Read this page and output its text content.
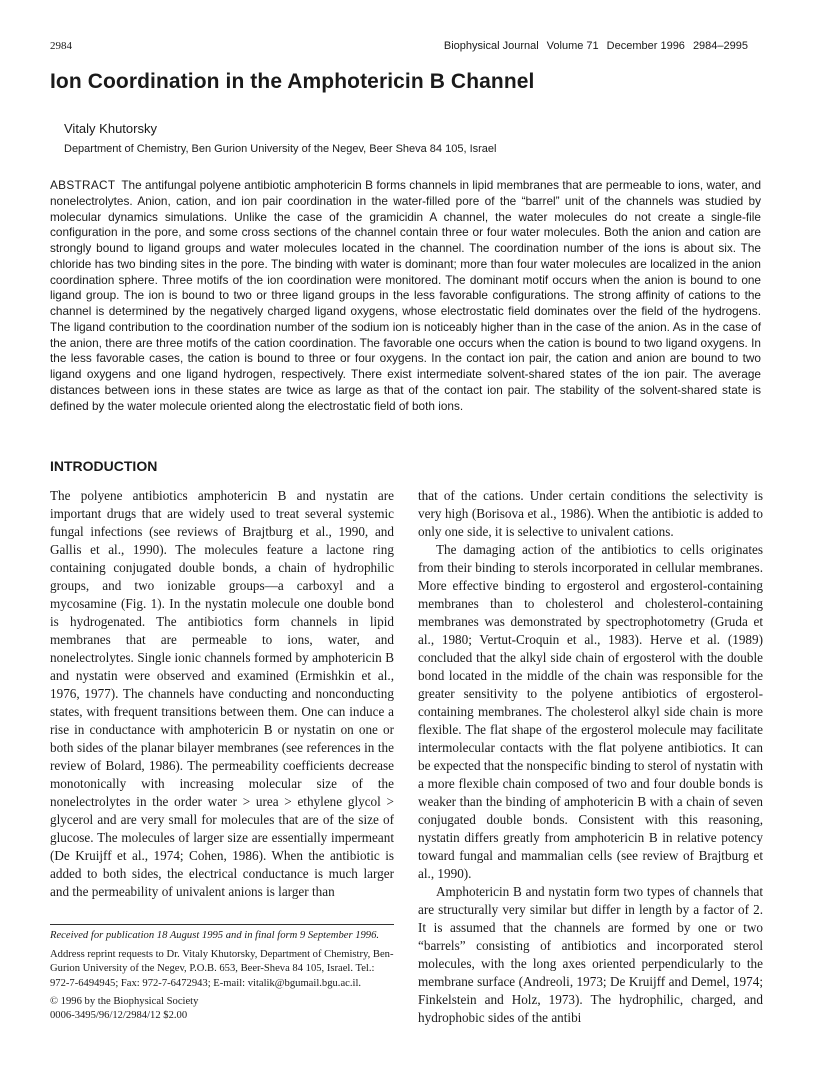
2984	Biophysical Journal Volume 71 December 1996 2984–2995
Ion Coordination in the Amphotericin B Channel
Vitaly Khutorsky
Department of Chemistry, Ben Gurion University of the Negev, Beer Sheva 84 105, Israel

ABSTRACT The antifungal polyene antibiotic amphotericin B forms channels in lipid membranes that are permeable to ions, water, and nonelectrolytes. Anion, cation, and ion pair coordination in the water-filled pore of the “barrel” unit of the channels was studied by molecular dynamics simulations. Unlike the case of the gramicidin A channel, the water molecules do not create a single-file configuration in the pore, and some cross sections of the channel contain three or four water molecules. Both the anion and cation are strongly bound to ligand groups and water molecules located in the channel. The coordination number of the ions is about six. The chloride has two binding sites in the pore. The binding with water is dominant; more than four water molecules are localized in the anion coordination sphere. Three motifs of the ion coordination were monitored. The dominant motif occurs when the anion is bound to one ligand group. The ion is bound to two or three ligand groups in the less favorable configurations. The strong affinity of cations to the channel is determined by the negatively charged ligand oxygens, whose electrostatic field dominates over the field of the hydrogens. The ligand contribution to the coordination number of the sodium ion is noticeably higher than in the case of the anion. As in the case of the anion, there are three motifs of the cation coordination. The favorable one occurs when the cation is bound to two ligand oxygens. In the less favorable cases, the cation is bound to three or four oxygens. In the contact ion pair, the cation and anion are bound to two ligand oxygens and one ligand hydrogen, respectively. There exist intermediate solvent-shared states of the ion pair. The average distances between ions in these states are twice as large as that of the contact ion pair. The stability of the solvent-shared state is defined by the water molecule oriented along the electrostatic field of both ions.

INTRODUCTION

The polyene antibiotics amphotericin B and nystatin are important drugs that are widely used to treat several systemic fungal infections (see reviews of Brajtburg et al., 1990, and Gallis et al., 1990). The molecules feature a lactone ring containing conjugated double bonds, a chain of hydrophilic groups, and two ionizable groups—a carboxyl and a mycosamine (Fig. 1). In the nystatin molecule one double bond is hydrogenated. The antibiotics form channels in lipid membranes that are permeable to ions, water, and nonelectrolytes. Single ionic channels formed by amphotericin B and nystatin were observed and examined (Ermishkin et al., 1976, 1977). The channels have conducting and nonconducting states, with frequent transitions between them. One can induce a rise in conductance with amphotericin B or nystatin on one or both sides of the planar bilayer membranes (see references in the review of Bolard, 1986). The permeability coefficients decrease monotonically with increasing molecular size of the nonelectrolytes in the order water > urea > ethylene glycol > glycerol and are very small for molecules that are of the size of glucose. The molecules of larger size are essentially impermeant (De Kruijff et al., 1974; Cohen, 1986). When the antibiotic is added to both sides, the electrical conductance is much larger and the permeability of univalent anions is larger than

that of the cations. Under certain conditions the selectivity is very high (Borisova et al., 1986). When the antibiotic is added to only one side, it is selective to univalent cations.

The damaging action of the antibiotics to cells originates from their binding to sterols incorporated in cellular membranes. More effective binding to ergosterol and ergosterol-containing membranes than to cholesterol and cholesterol-containing membranes was demonstrated by spectrophotometry (Gruda et al., 1980; Vertut-Croquin et al., 1983). Herve et al. (1989) concluded that the alkyl side chain of ergosterol with the double bond located in the middle of the chain was responsible for the greater sensitivity to the polyene antibiotics of ergosterol-containing membranes. The cholesterol alkyl side chain is more flexible. The flat shape of the ergosterol molecule may facilitate intermolecular contacts with the flat polyene antibiotics. It can be expected that the nonspecific binding to sterol of nystatin with a more flexible chain composed of two and four double bonds is weaker than the binding of amphotericin B with a chain of seven conjugated double bonds. Consistent with this reasoning, nystatin differs greatly from amphotericin B in relative potency toward fungal and mammalian cells (see review of Brajtburg et al., 1990).

Amphotericin B and nystatin form two types of channels that are structurally very similar but differ in length by a factor of 2. It is assumed that the channels are formed by one or two “barrels” consisting of antibiotics and incorporated sterol molecules, with the long axes oriented perpendicularly to the membrane surface (Andreoli, 1973; De Kruijff and Demel, 1974; Finkelstein and Holz, 1973). The hydrophilic, charged, and hydrophobic sides of the antibi

Received for publication 18 August 1995 and in final form 9 September 1996.

Address reprint requests to Dr. Vitaly Khutorsky, Department of Chemistry, Ben-Gurion University of the Negev, P.O.B. 653, Beer-Sheva 84 105, Israel. Tel.: 972-7-6494945; Fax: 972-7-6472943; E-mail: vitalik@bgumail.bgu.ac.il.

© 1996 by the Biophysical Society

0006-3495/96/12/2984/12 $2.00
